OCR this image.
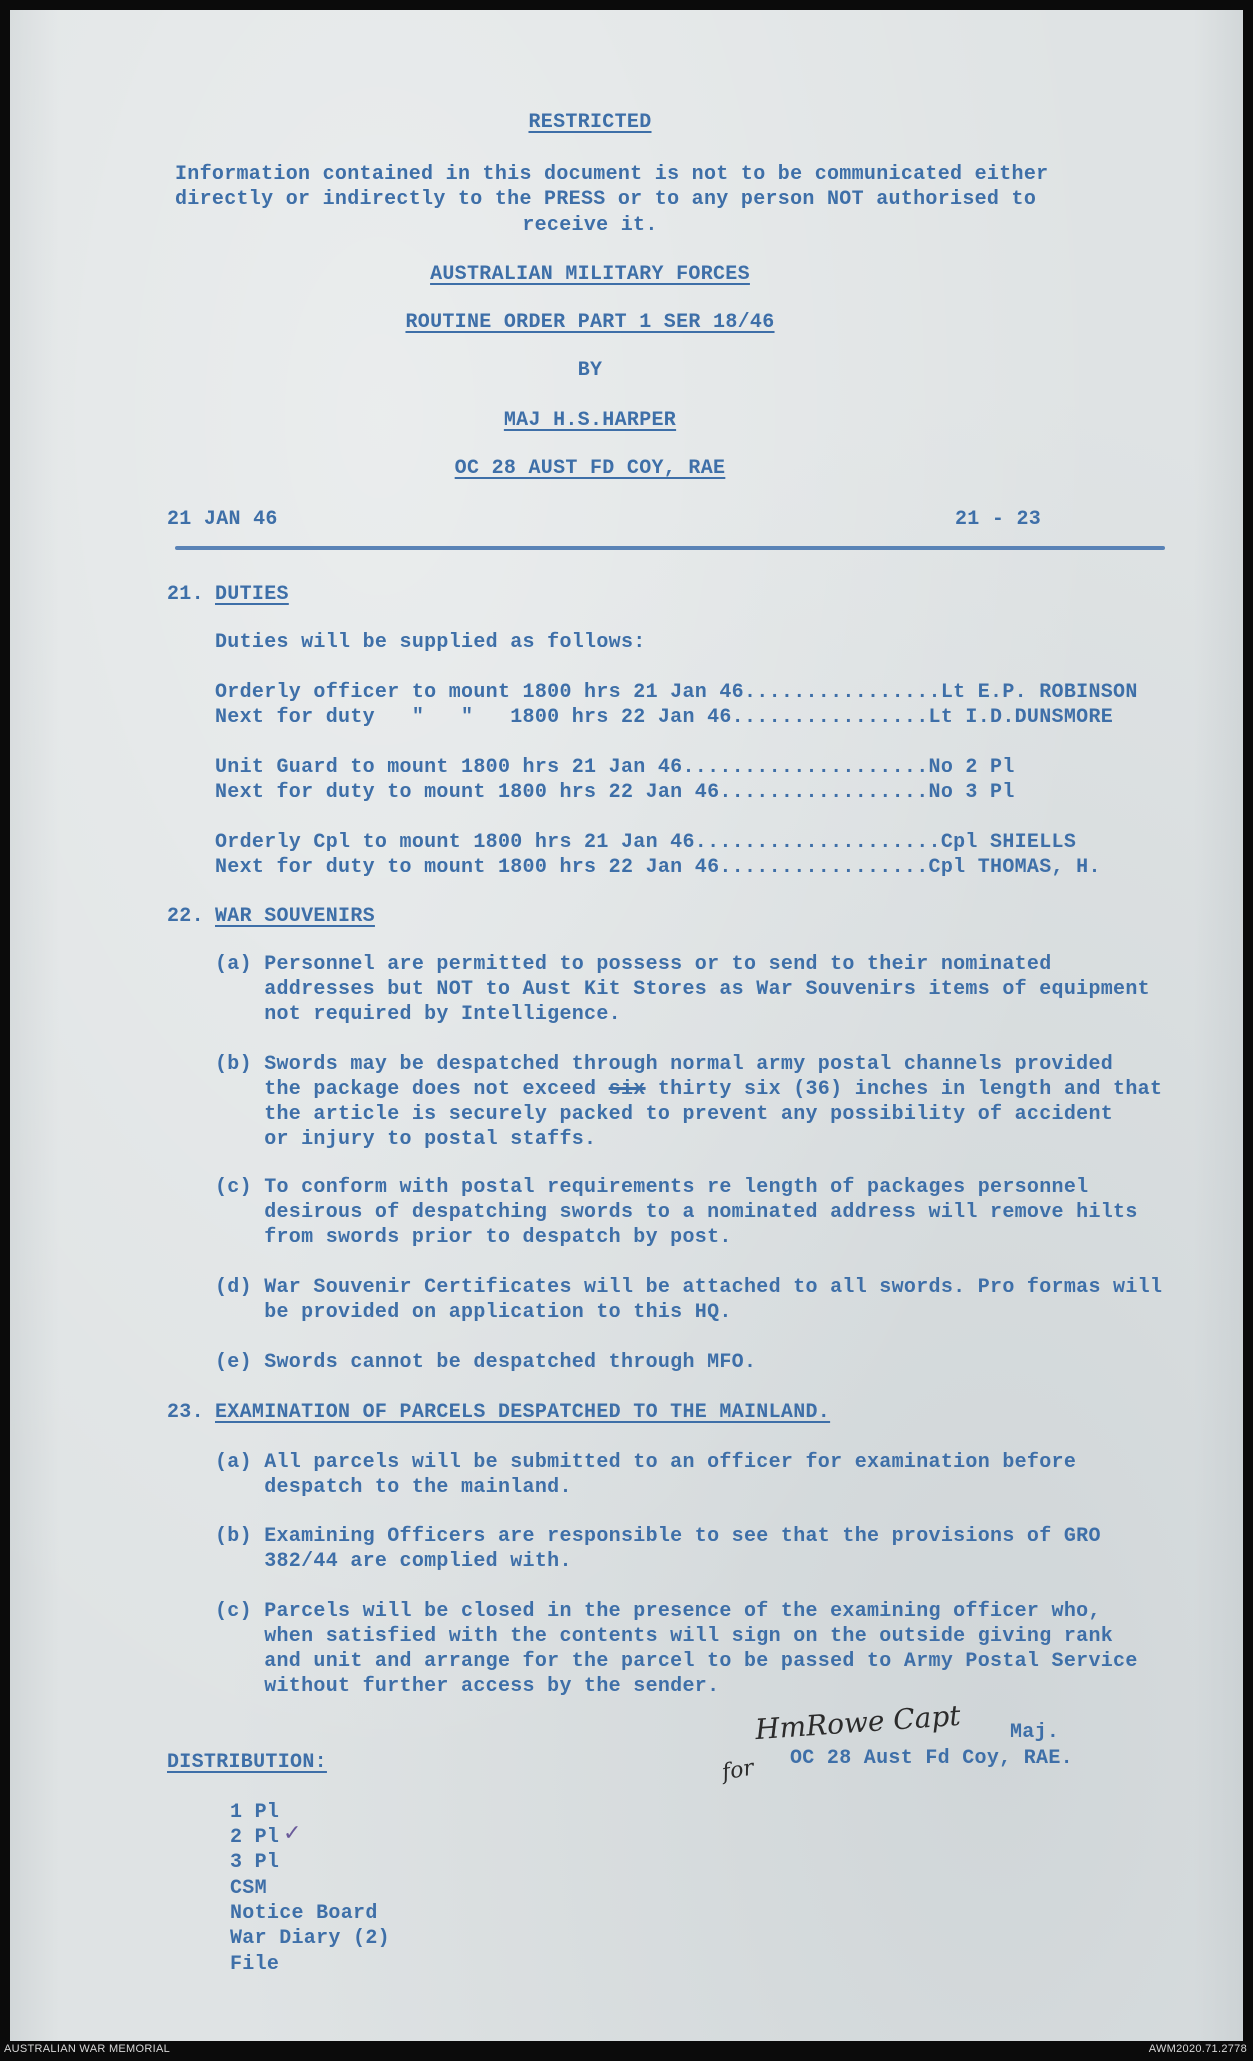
RESTRICTED
Information contained in this document is not to be communicated either
directly or indirectly to the PRESS or to any person NOT authorised to
receive it.
AUSTRALIAN MILITARY FORCES
ROUTINE ORDER PART 1 SER 18/46
BY
MAJ H.S.HARPER
OC 28 AUST FD COY, RAE
21 JAN 46	21 - 23
21. DUTIES
Duties will be supplied as follows:
Orderly officer to mount 1800 hrs 21 Jan 46................Lt E.P. ROBINSON
Next for duty   "   "   1800 hrs 22 Jan 46................Lt I.D.DUNSMORE
Unit Guard to mount 1800 hrs 21 Jan 46....................No 2 Pl
Next for duty to mount 1800 hrs 22 Jan 46.................No 3 Pl
Orderly Cpl to mount 1800 hrs 21 Jan 46....................Cpl SHIELLS
Next for duty to mount 1800 hrs 22 Jan 46.................Cpl THOMAS, H.
22. WAR SOUVENIRS
(a) Personnel are permitted to possess or to send to their nominated
addresses but NOT to Aust Kit Stores as War Souvenirs items of equipment
not required by Intelligence.
(b) Swords may be despatched through normal army postal channels provided
the package does not exceed six thirty six (36) inches in length and that
the article is securely packed to prevent any possibility of accident
or injury to postal staffs.
(c) To conform with postal requirements re length of packages personnel
desirous of despatching swords to a nominated address will remove hilts
from swords prior to despatch by post.
(d) War Souvenir Certificates will be attached to all swords. Pro formas will
be provided on application to this HQ.
(e) Swords cannot be despatched through MFO.
23. EXAMINATION OF PARCELS DESPATCHED TO THE MAINLAND.
(a) All parcels will be submitted to an officer for examination before
despatch to the mainland.
(b) Examining Officers are responsible to see that the provisions of GRO
382/44 are complied with.
(c) Parcels will be closed in the presence of the examining officer who,
when satisfied with the contents will sign on the outside giving rank
and unit and arrange for the parcel to be passed to Army Postal Service
without further access by the sender.
HmRowe Capt Maj.
OC 28 Aust Fd Coy, RAE.
for
DISTRIBUTION:
1 Pl
2 Pl ✓
3 Pl
CSM
Notice Board
War Diary (2)
File
AUSTRALIAN WAR MEMORIAL	AWM2020.71.2778
